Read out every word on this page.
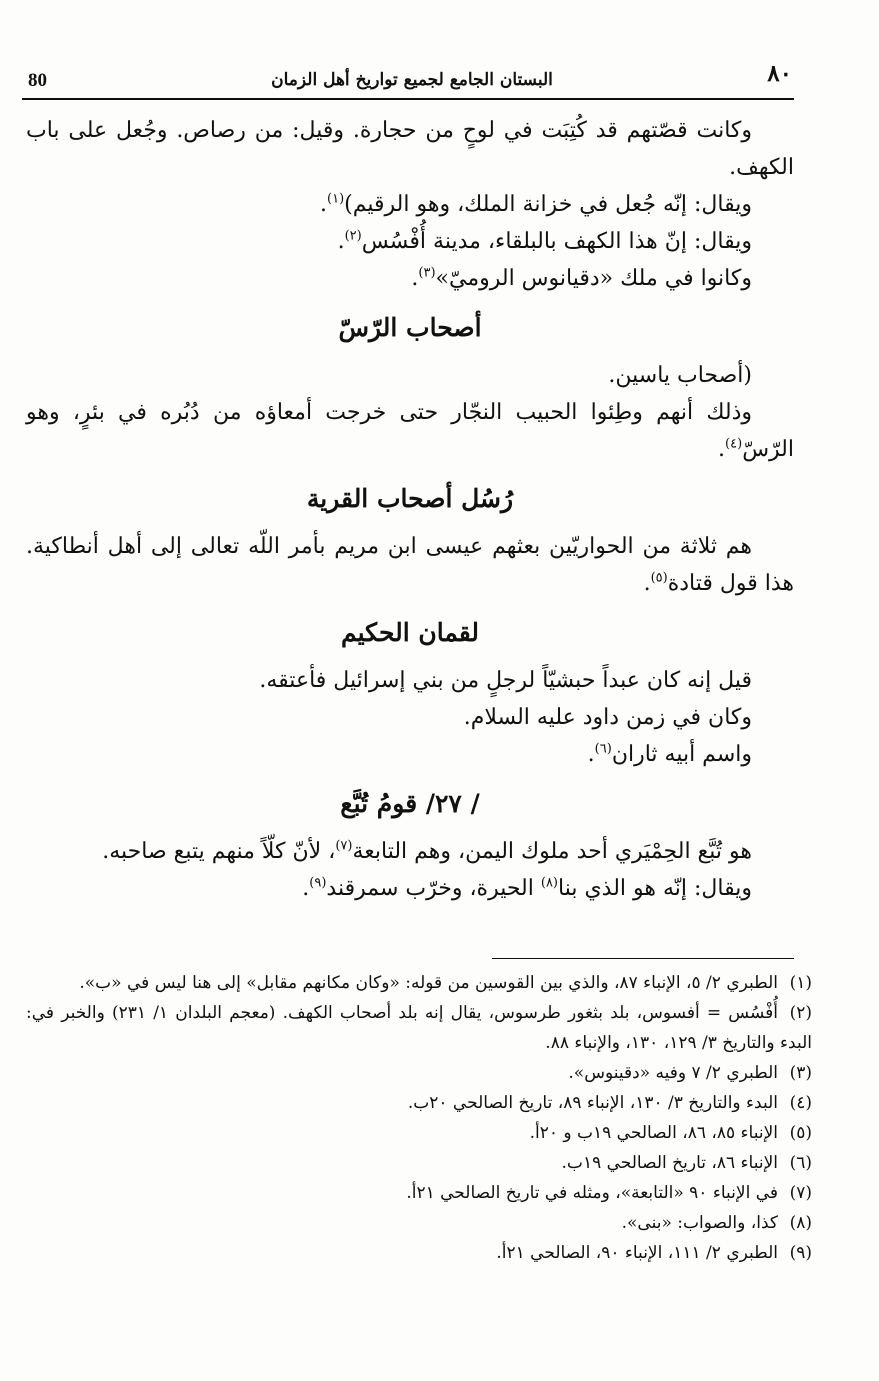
80	البستان الجامع لجميع تواريخ أهل الزمان	٨٠

وكانت قصّتهم قد كُتِبَت في لوحٍ من حجارة. وقيل: من رصاص. وجُعل على باب الكهف.

ويقال: إنّه جُعل في خزانة الملك، وهو الرقيم)$^{(١)}$.

ويقال: إنّ هذا الكهف بالبلقاء، مدينة أُفْسُس$^{(٢)}$.

وكانوا في ملك «دقيانوس الروميّ»$^{(٣)}$.

أصحاب الرّسّ

(أصحاب ياسين.

وذلك أنهم وطِئوا الحبيب النجّار حتى خرجت أمعاؤه من دُبُره في بئرٍ، وهو الرّسّ$^{(٤)}$.

رُسُل أصحاب القرية

هم ثلاثة من الحواريّين بعثهم عيسى ابن مريم بأمر اللّه تعالى إلى أهل أنطاكية. هذا قول قتادة$^{(٥)}$.

لقمان الحكيم

قيل إنه كان عبداً حبشيّاً لرجلٍ من بني إسرائيل فأعتقه.

وكان في زمن داود عليه السلام.

واسم أبيه ثاران$^{(٦)}$.

/ ٢٧/ قومُ تُبَّع

هو تُبَّع الحِمْيَري أحد ملوك اليمن، وهم التابعة$^{(٧)}$، لأنّ كلّاً منهم يتبع صاحبه.

ويقال: إنّه هو الذي بنا$^{(٨)}$ الحيرة، وخرّب سمرقند$^{(٩)}$.

(١)الطبري ٢/ ٥، الإنباء ٨٧، والذي بين القوسين من قوله: «وكان مكانهم مقابل» إلى هنا ليس في «ب».

(٢)أُفْسُس = أفسوس، بلد بثغور طرسوس، يقال إنه بلد أصحاب الكهف. (معجم البلدان ١/ ٢٣١) والخبر في: البدء والتاريخ ٣/ ١٢٩، ١٣٠، والإنباء ٨٨.

(٣)الطبري ٢/ ٧ وفيه «دقينوس».

(٤)البدء والتاريخ ٣/ ١٣٠، الإنباء ٨٩، تاريخ الصالحي ٢٠ب.

(٥)الإنباء ٨٥، ٨٦، الصالحي ١٩ب و ٢٠أ.

(٦)الإنباء ٨٦، تاريخ الصالحي ١٩ب.

(٧)في الإنباء ٩٠ «التابعة»، ومثله في تاريخ الصالحي ٢١أ.

(٨)كذا، والصواب: «بنى».

(٩)الطبري ٢/ ١١١، الإنباء ٩٠، الصالحي ٢١أ.
